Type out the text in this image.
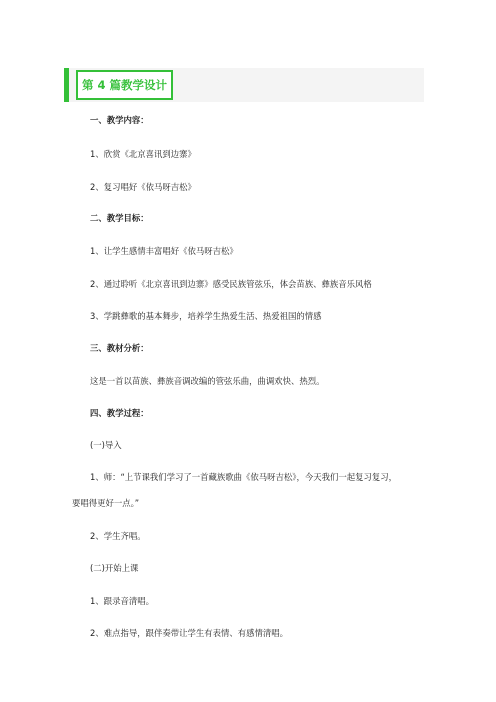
第 4 篇教学设计
一、教学内容：
1、欣赏《北京喜讯到边寨》
2、复习唱好《依马呀吉松》
二、教学目标：
1、让学生感情丰富唱好《依马呀吉松》
2、通过聆听《北京喜讯到边寨》感受民族管弦乐，体会苗族、彝族音乐风格
3、学跳彝歌的基本舞步，培养学生热爱生活、热爱祖国的情感
三、教材分析：
这是一首以苗族、彝族音调改编的管弦乐曲，曲调欢快、热烈。
四、教学过程：
(一)导入
1、师：“上节课我们学习了一首藏族歌曲《依马呀吉松》，今天我们一起复习复习，
要唱得更好一点。”
2、学生齐唱。
(二)开始上课
1、跟录音清唱。
2、难点指导，跟伴奏带让学生有表情、有感情清唱。
